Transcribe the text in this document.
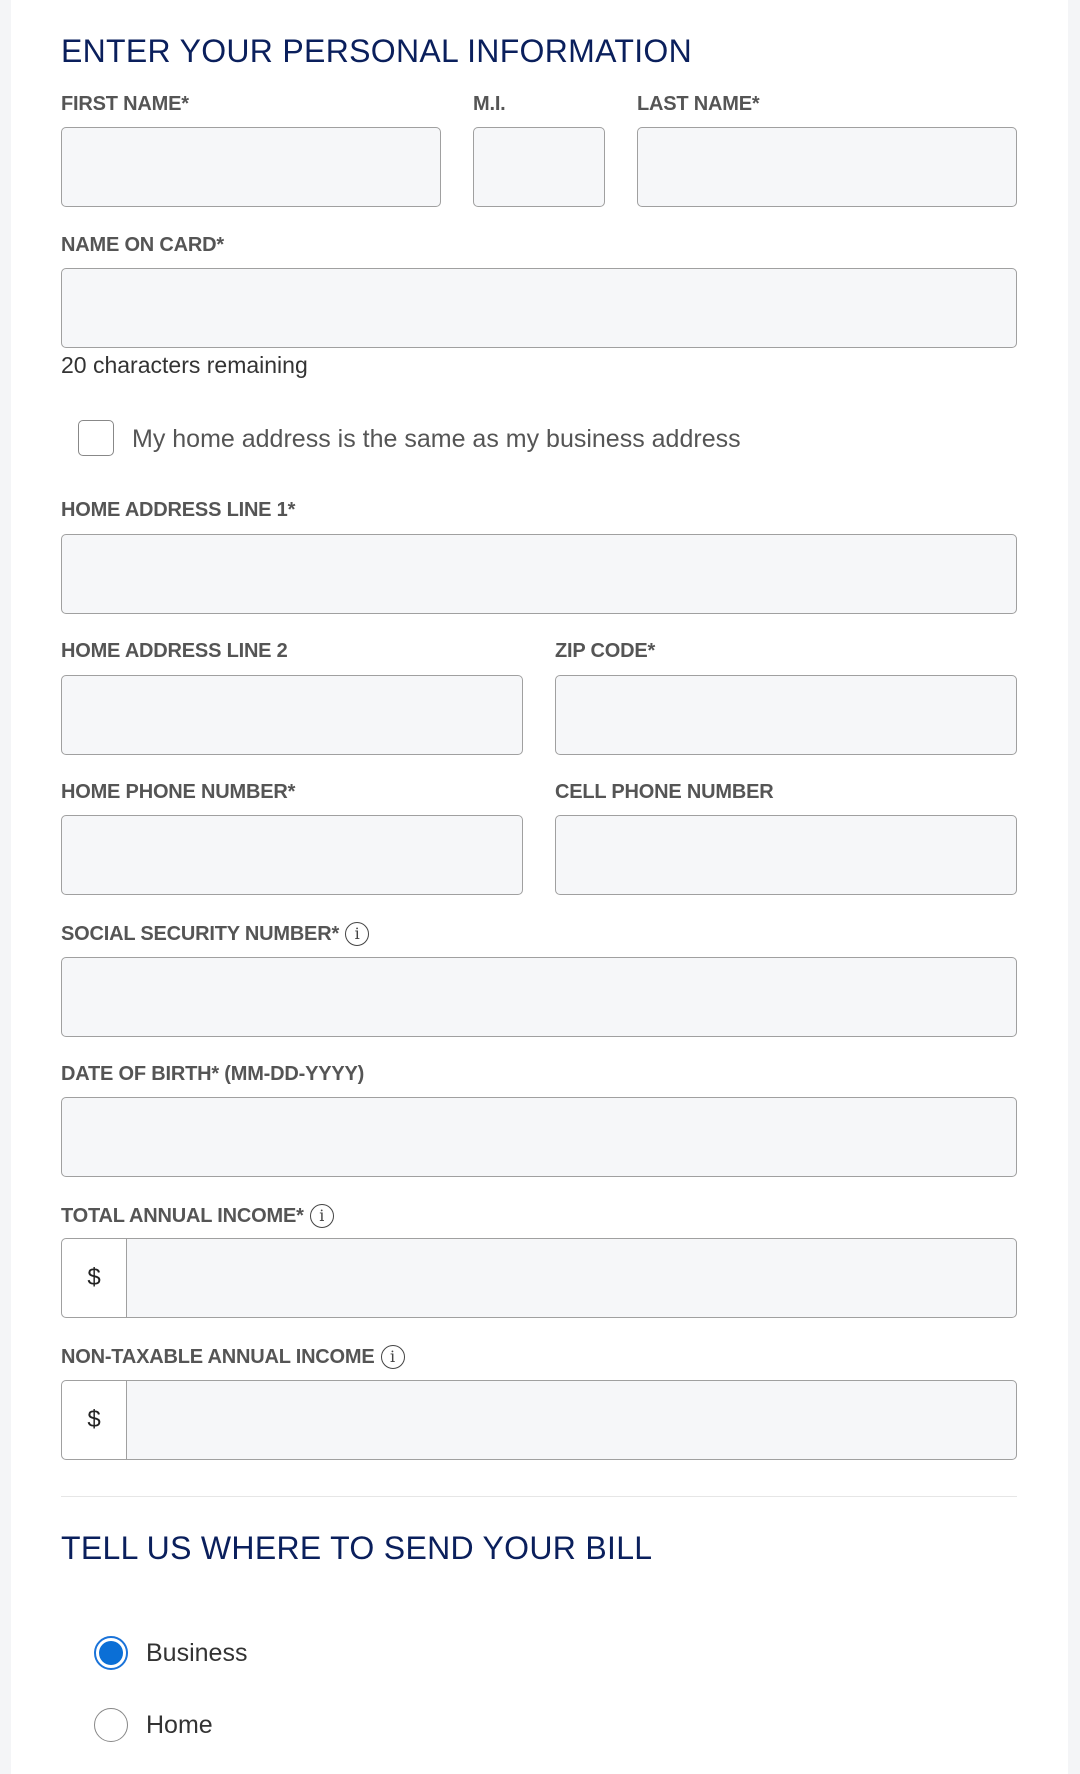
ENTER YOUR PERSONAL INFORMATION
FIRST NAME*	M.I.	LAST NAME*
NAME ON CARD*
20 characters remaining
My home address is the same as my business address
HOME ADDRESS LINE 1*
HOME ADDRESS LINE 2	ZIP CODE*
HOME PHONE NUMBER*	CELL PHONE NUMBER
SOCIAL SECURITY NUMBER* i
DATE OF BIRTH* (MM-DD-YYYY)
TOTAL ANNUAL INCOME* i
$
NON-TAXABLE ANNUAL INCOME i
$
TELL US WHERE TO SEND YOUR BILL
Business
Home
